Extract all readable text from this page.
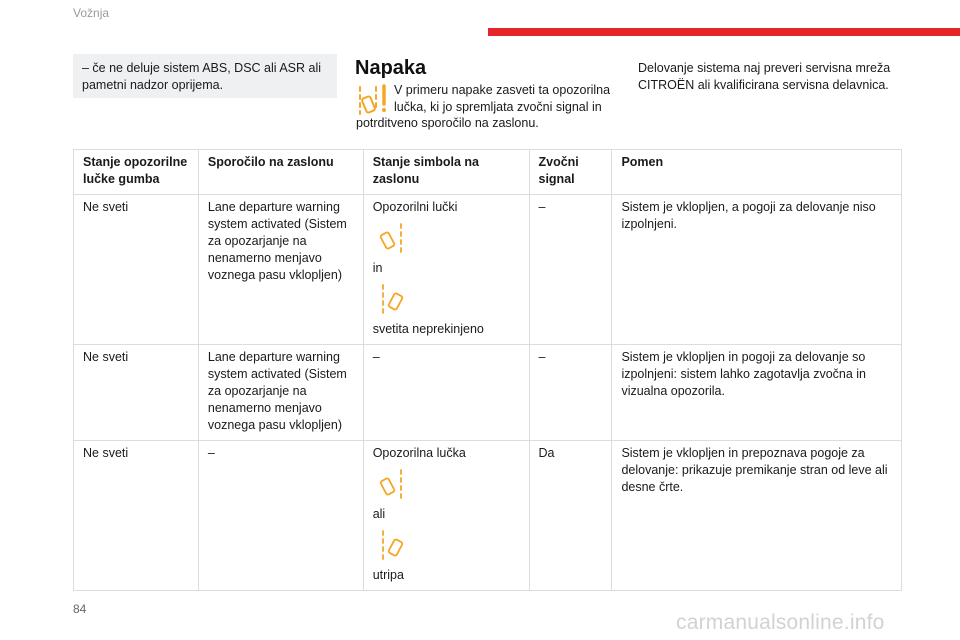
Vožnja
– če ne deluje sistem ABS, DSC ali ASR ali pametni nadzor oprijema.
Napaka
V primeru napake zasveti ta opozorilna lučka, ki jo spremljata zvočni signal in potrditveno sporočilo na zaslonu.
Delovanje sistema naj preveri servisna mreža CITROËN ali kvalificirana servisna delavnica.
Stanje opozorilne lučke gumba	Sporočilo na zaslonu	Stanje simbola na zaslonu	Zvočni signal	Pomen
Ne sveti	Lane departure warning system activated (Sistem za opozarjanje na nenamerno menjavo voznega pasu vklopljen)	Opozorilni lučki
in
svetita neprekinjeno	–	Sistem je vklopljen, a pogoji za delovanje niso izpolnjeni.
Ne sveti	Lane departure warning system activated (Sistem za opozarjanje na nenamerno menjavo voznega pasu vklopljen)	–	–	Sistem je vklopljen in pogoji za delovanje so izpolnjeni: sistem lahko zagotavlja zvočna in vizualna opozorila.
Ne sveti	–	Opozorilna lučka
ali
utripa	Da	Sistem je vklopljen in prepoznava pogoje za delovanje: prikazuje premikanje stran od leve ali desne črte.
84
carmanualsonline.info
